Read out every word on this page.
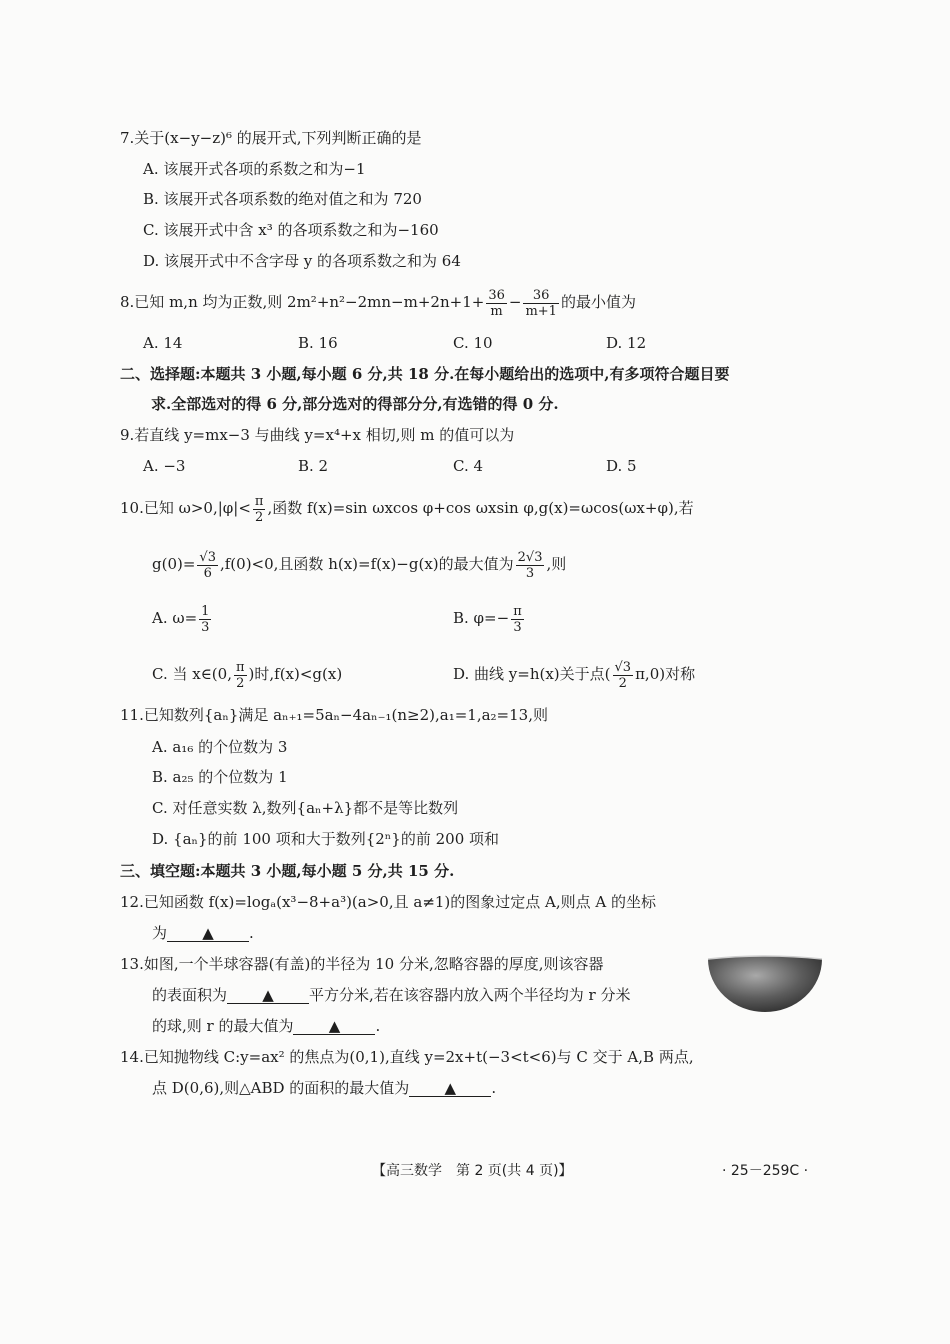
7.关于(x−y−z)⁶ 的展开式,下列判断正确的是
A. 该展开式各项的系数之和为−1
B. 该展开式各项系数的绝对值之和为 720
C. 该展开式中含 x³ 的各项系数之和为−160
D. 该展开式中不含字母 y 的各项系数之和为 64
8.已知 m,n 均为正数,则 $2m^2+n^2-2mn-m+2n+1+ \frac{36}{m} - \frac{36}{m+1}$ 的最小值为
A. 14	B. 16	C. 10	D. 12
二、选择题:本题共 3 小题,每小题 6 分,共 18 分.在每小题给出的选项中,有多项符合题目要
求.全部选对的得 6 分,部分选对的得部分分,有选错的得 0 分.
9.若直线 y=mx−3 与曲线 y=x⁴+x 相切,则 m 的值可以为
A. −3	B. 2	C. 4	D. 5
10.已知 $\omega>0,|\varphi|< \frac{\pi}{2}$ ,函数 f(x)=sin ωxcos φ+cos ωxsin φ,g(x)=ωcos(ωx+φ),若
$g(0)= \frac{√3}{6} ,f(0)<0$,且函数 h(x)=f(x)−g(x)的最大值为 $\frac{2√3}{3}$ ,则
A. $\omega= \frac{1}{3}$	B. $\varphi=- \frac{\pi}{3}$
C. 当 x∈(0, $\frac{\pi}{2}$ )时,f(x)<g(x)	D. 曲线 y=h(x)关于点( $\frac{√3}{2} \pi,0$)对称
11.已知数列{aₙ}满足 aₙ₊₁=5aₙ−4aₙ₋₁(n≥2),a₁=1,a₂=13,则
A. a₁₆ 的个位数为 3
B. a₂₅ 的个位数为 1
C. 对任意实数 λ,数列{aₙ+λ}都不是等比数列
D. {aₙ}的前 100 项和大于数列{2ⁿ}的前 200 项和
三、填空题:本题共 3 小题,每小题 5 分,共 15 分.
12.已知函数 f(x)=logₐ(x³−8+a³)(a>0,且 a≠1)的图象过定点 A,则点 A 的坐标
为 ▲ .
13.如图,一个半球容器(有盖)的半径为 10 分米,忽略容器的厚度,则该容器
的表面积为 ▲ 平方分米,若在该容器内放入两个半径均为 r 分米
的球,则 r 的最大值为 ▲ .
14.已知抛物线 C:y=ax² 的焦点为(0,1),直线 y=2x+t(−3<t<6)与 C 交于 A,B 两点,
点 D(0,6),则△ABD 的面积的最大值为 ▲ .
【高三数学　第 2 页(共 4 页)】	· 25－259C ·
